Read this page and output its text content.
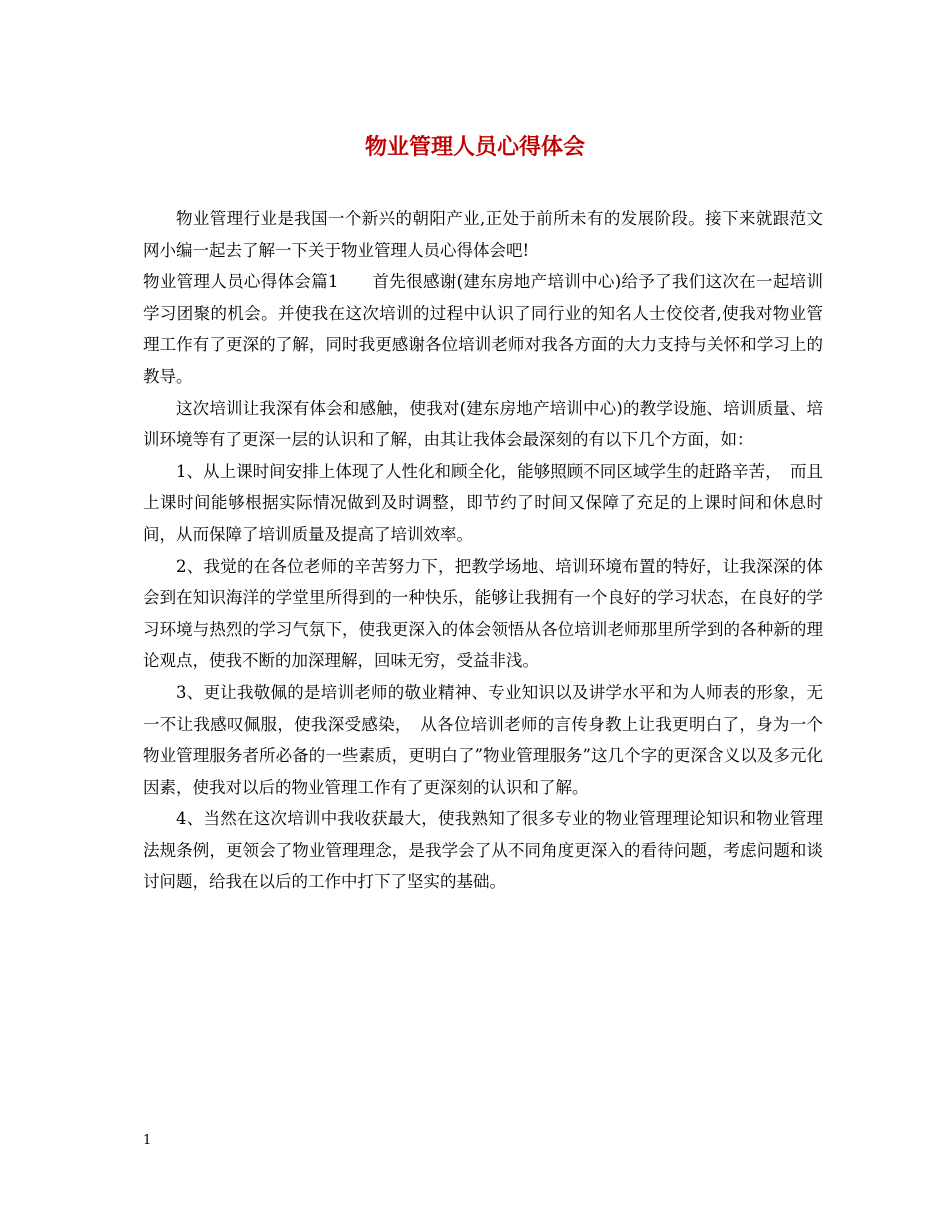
物业管理人员心得体会

物业管理行业是我国一个新兴的朝阳产业,正处于前所未有的发展阶段。接下来就跟范文网小编一起去了解一下关于物业管理人员心得体会吧!

物业管理人员心得体会篇1　　首先很感谢(建东房地产培训中心)给予了我们这次在一起培训学习团聚的机会。并使我在这次培训的过程中认识了同行业的知名人士佼佼者,使我对物业管理工作有了更深的了解，同时我更感谢各位培训老师对我各方面的大力支持与关怀和学习上的教导。

这次培训让我深有体会和感触，使我对(建东房地产培训中心)的教学设施、培训质量、培训环境等有了更深一层的认识和了解，由其让我体会最深刻的有以下几个方面，如：

1、从上课时间安排上体现了人性化和顾全化，能够照顾不同区域学生的赶路辛苦，　而且上课时间能够根据实际情况做到及时调整，即节约了时间又保障了充足的上课时间和休息时间，从而保障了培训质量及提高了培训效率。

2、我觉的在各位老师的辛苦努力下，把教学场地、培训环境布置的特好，让我深深的体会到在知识海洋的学堂里所得到的一种快乐，能够让我拥有一个良好的学习状态，在良好的学习环境与热烈的学习气氛下，使我更深入的体会领悟从各位培训老师那里所学到的各种新的理论观点，使我不断的加深理解，回味无穷，受益非浅。

3、更让我敬佩的是培训老师的敬业精神、专业知识以及讲学水平和为人师表的形象，无一不让我感叹佩服，使我深受感染，　从各位培训老师的言传身教上让我更明白了，身为一个物业管理服务者所必备的一些素质，更明白了”物业管理服务”这几个字的更深含义以及多元化因素，使我对以后的物业管理工作有了更深刻的认识和了解。

4、当然在这次培训中我收获最大，使我熟知了很多专业的物业管理理论知识和物业管理法规条例，更领会了物业管理理念，是我学会了从不同角度更深入的看待问题，考虑问题和谈讨问题，给我在以后的工作中打下了坚实的基础。

1
